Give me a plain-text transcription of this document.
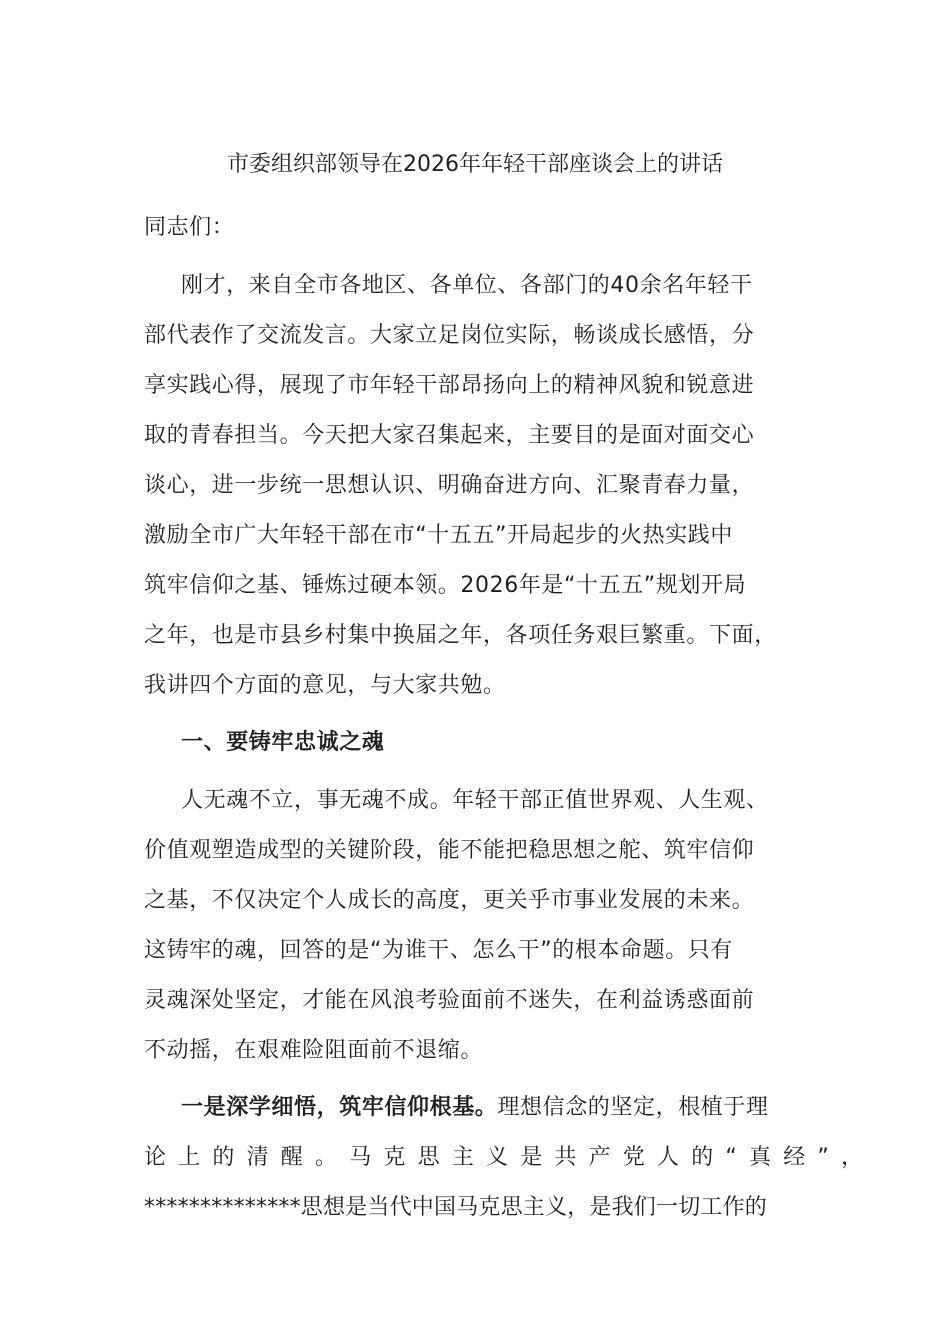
市委组织部领导在2026年年轻干部座谈会上的讲话
同志们：
刚才，来自全市各地区、各单位、各部门的40余名年轻干
部代表作了交流发言。大家立足岗位实际，畅谈成长感悟，分
享实践心得，展现了市年轻干部昂扬向上的精神风貌和锐意进
取的青春担当。今天把大家召集起来，主要目的是面对面交心
谈心，进一步统一思想认识、明确奋进方向、汇聚青春力量，
激励全市广大年轻干部在市“十五五”开局起步的火热实践中
筑牢信仰之基、锤炼过硬本领。2026年是“十五五”规划开局
之年，也是市县乡村集中换届之年，各项任务艰巨繁重。下面，
我讲四个方面的意见，与大家共勉。
一、要铸牢忠诚之魂
人无魂不立，事无魂不成。年轻干部正值世界观、人生观、
价值观塑造成型的关键阶段，能不能把稳思想之舵、筑牢信仰
之基，不仅决定个人成长的高度，更关乎市事业发展的未来。
这铸牢的魂，回答的是“为谁干、怎么干”的根本命题。只有
灵魂深处坚定，才能在风浪考验面前不迷失，在利益诱惑面前
不动摇，在艰难险阻面前不退缩。
一是深学细悟，筑牢信仰根基。理想信念的坚定，根植于理
论上的清醒。马克思主义是共产党人的“真经”，
**************思想是当代中国马克思主义，是我们一切工作的
